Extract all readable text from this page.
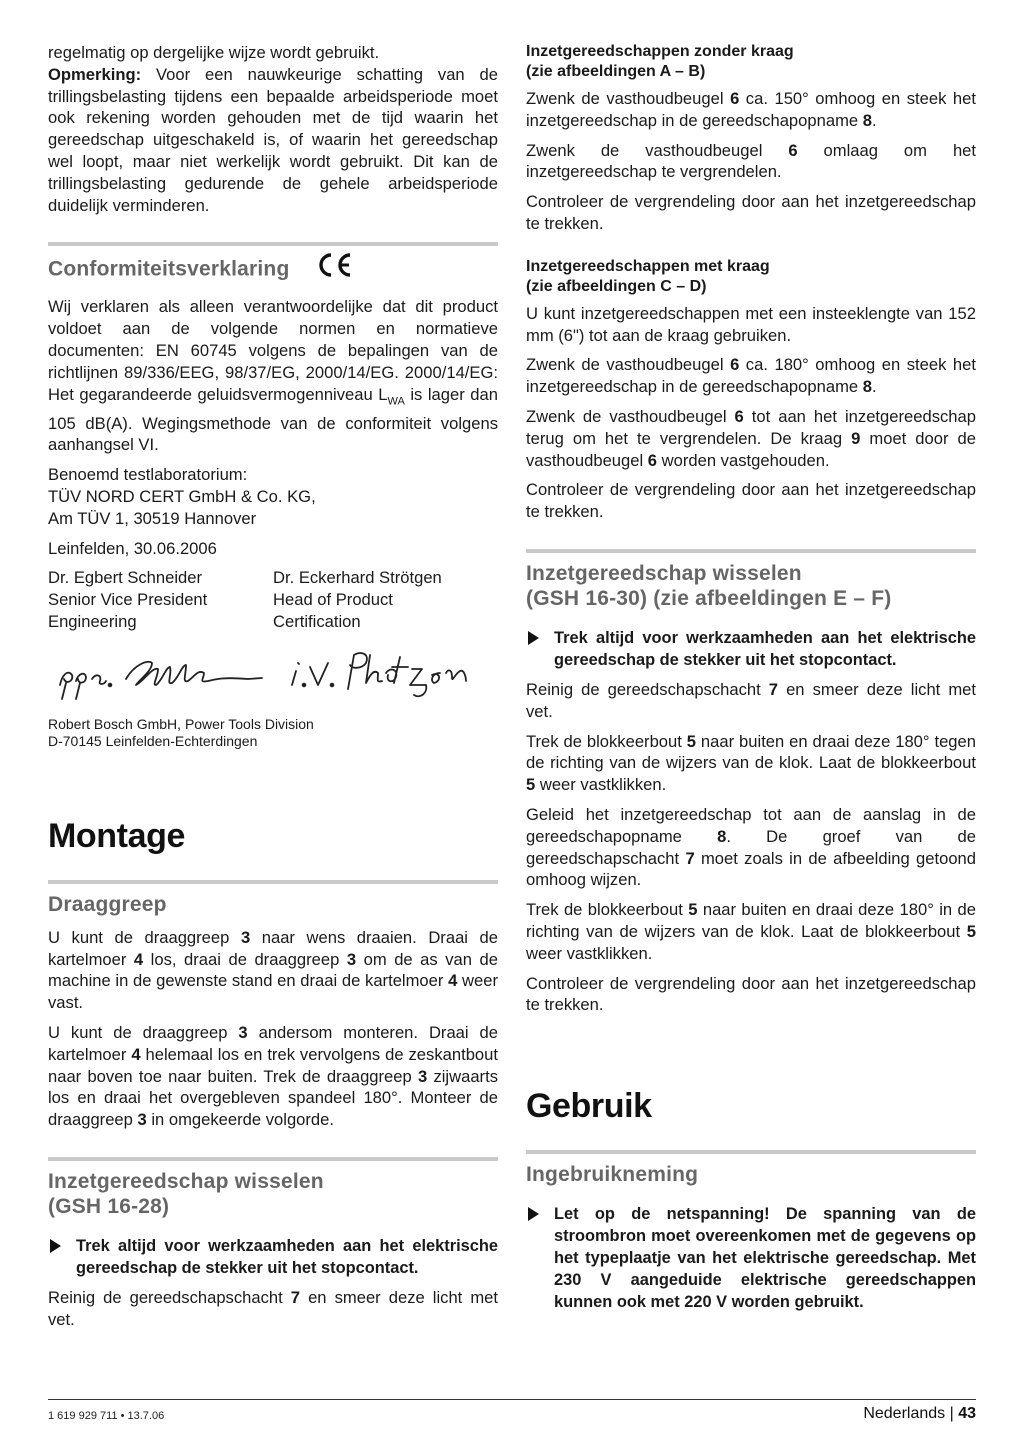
regelmatig op dergelijke wijze wordt gebruikt.

Opmerking: Voor een nauwkeurige schatting van de trillingsbelasting tijdens een bepaalde arbeidsperiode moet ook rekening worden gehouden met de tijd waarin het gereedschap uitgeschakeld is, of waarin het gereedschap wel loopt, maar niet werkelijk wordt gebruikt. Dit kan de trillingsbelasting gedurende de gehele arbeidsperiode duidelijk verminderen.

Conformiteitsverklaring

Wij verklaren als alleen verantwoordelijke dat dit product voldoet aan de volgende normen en normatieve documenten: EN 60745 volgens de bepalingen van de richtlijnen 89/336/EEG, 98/37/EG, 2000/14/EG. 2000/14/EG: Het gegarandeerde geluidsvermogenniveau $L_{WA}$ is lager dan 105 dB(A). Wegingsmethode van de conformiteit volgens aanhangsel VI.

Benoemd testlaboratorium:
TÜV NORD CERT GmbH & Co. KG,
Am TÜV 1, 30519 Hannover

Leinfelden, 30.06.2006

Dr. Egbert Schneider
Senior Vice President
Engineering
Dr. Eckerhard Strötgen
Head of Product
Certification

Robert Bosch GmbH, Power Tools Division
D-70145 Leinfelden-Echterdingen

Montage
Draaggreep

U kunt de draaggreep 3 naar wens draaien. Draai de kartelmoer 4 los, draai de draaggreep 3 om de as van de machine in de gewenste stand en draai de kartelmoer 4 weer vast.

U kunt de draaggreep 3 andersom monteren. Draai de kartelmoer 4 helemaal los en trek vervolgens de zeskantbout naar boven toe naar buiten. Trek de draaggreep 3 zijwaarts los en draai het overgebleven spandeel 180°. Monteer de draaggreep 3 in omgekeerde volgorde.

Inzetgereedschap wisselen
(GSH 16-28)
Trek altijd voor werkzaamheden aan het elektrische gereedschap de stekker uit het stopcontact.

Reinig de gereedschapschacht 7 en smeer deze licht met vet.

Inzetgereedschappen zonder kraag
(zie afbeeldingen A – B)

Zwenk de vasthoudbeugel 6 ca. 150° omhoog en steek het inzetgereedschap in de gereedschapopname 8.

Zwenk de vasthoudbeugel 6 omlaag om het inzetgereedschap te vergrendelen.

Controleer de vergrendeling door aan het inzetgereedschap te trekken.

Inzetgereedschappen met kraag
(zie afbeeldingen C – D)

U kunt inzetgereedschappen met een insteeklengte van 152 mm (6") tot aan de kraag gebruiken.

Zwenk de vasthoudbeugel 6 ca. 180° omhoog en steek het inzetgereedschap in de gereedschapopname 8.

Zwenk de vasthoudbeugel 6 tot aan het inzetgereedschap terug om het te vergrendelen. De kraag 9 moet door de vasthoudbeugel 6 worden vastgehouden.

Controleer de vergrendeling door aan het inzetgereedschap te trekken.

Inzetgereedschap wisselen
(GSH 16-30) (zie afbeeldingen E – F)
Trek altijd voor werkzaamheden aan het elektrische gereedschap de stekker uit het stopcontact.

Reinig de gereedschapschacht 7 en smeer deze licht met vet.

Trek de blokkeerbout 5 naar buiten en draai deze 180° tegen de richting van de wijzers van de klok. Laat de blokkeerbout 5 weer vastklikken.

Geleid het inzetgereedschap tot aan de aanslag in de gereedschapopname 8. De groef van de gereedschapschacht 7 moet zoals in de afbeelding getoond omhoog wijzen.

Trek de blokkeerbout 5 naar buiten en draai deze 180° in de richting van de wijzers van de klok. Laat de blokkeerbout 5 weer vastklikken.

Controleer de vergrendeling door aan het inzetgereedschap te trekken.

Gebruik
Ingebruikneming
Let op de netspanning! De spanning van de stroombron moet overeenkomen met de gegevens op het typeplaatje van het elektrische gereedschap. Met 230 V aangeduide elektrische gereedschappen kunnen ook met 220 V worden gebruikt.
1 619 929 711 • 13.7.06	Nederlands | 43
